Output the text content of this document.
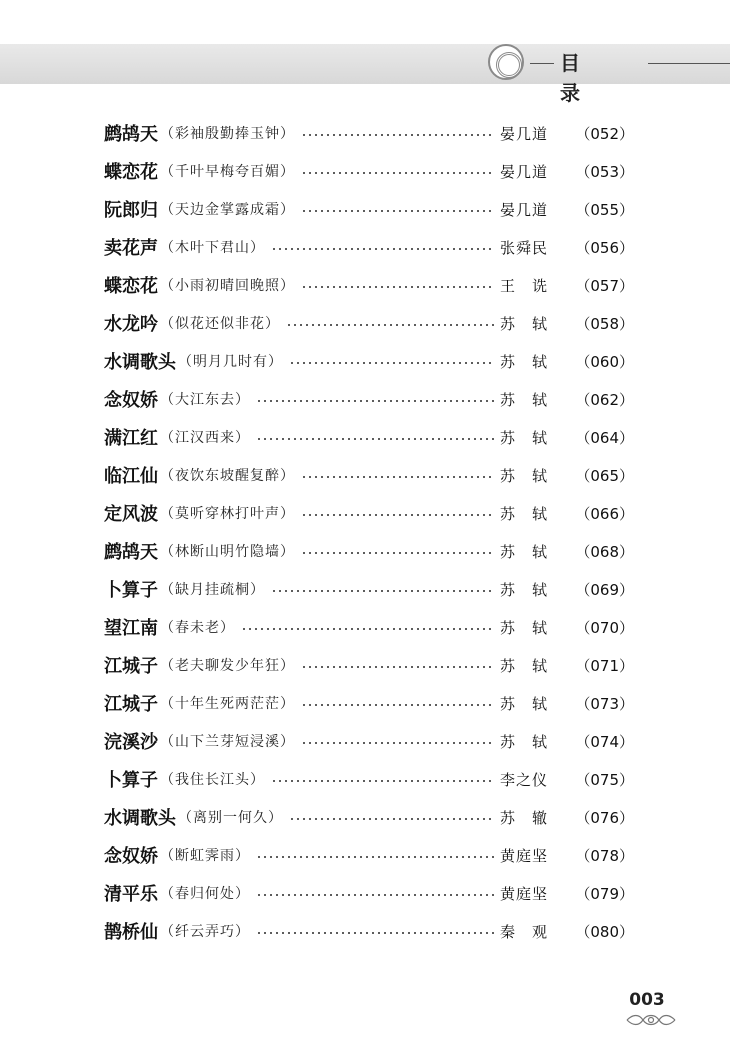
目 录
鹧鸪天 （彩袖殷勤捧玉钟）	晏几道	（052）
蝶恋花 （千叶早梅夸百媚）	晏几道	（053）
阮郎归 （天边金掌露成霜）	晏几道	（055）
卖花声 （木叶下君山）	张舜民	（056）
蝶恋花 （小雨初晴回晚照）	王　诜	（057）
水龙吟 （似花还似非花）	苏　轼	（058）
水调歌头 （明月几时有）	苏　轼	（060）
念奴娇 （大江东去）	苏　轼	（062）
满江红 （江汉西来）	苏　轼	（064）
临江仙 （夜饮东坡醒复醉）	苏　轼	（065）
定风波 （莫听穿林打叶声）	苏　轼	（066）
鹧鸪天 （林断山明竹隐墙）	苏　轼	（068）
卜算子 （缺月挂疏桐）	苏　轼	（069）
望江南 （春未老）	苏　轼	（070）
江城子 （老夫聊发少年狂）	苏　轼	（071）
江城子 （十年生死两茫茫）	苏　轼	（073）
浣溪沙 （山下兰芽短浸溪）	苏　轼	（074）
卜算子 （我住长江头）	李之仪	（075）
水调歌头 （离别一何久）	苏　辙	（076）
念奴娇 （断虹霁雨）	黄庭坚	（078）
清平乐 （春归何处）	黄庭坚	（079）
鹊桥仙 （纤云弄巧）	秦　观	（080）
003
